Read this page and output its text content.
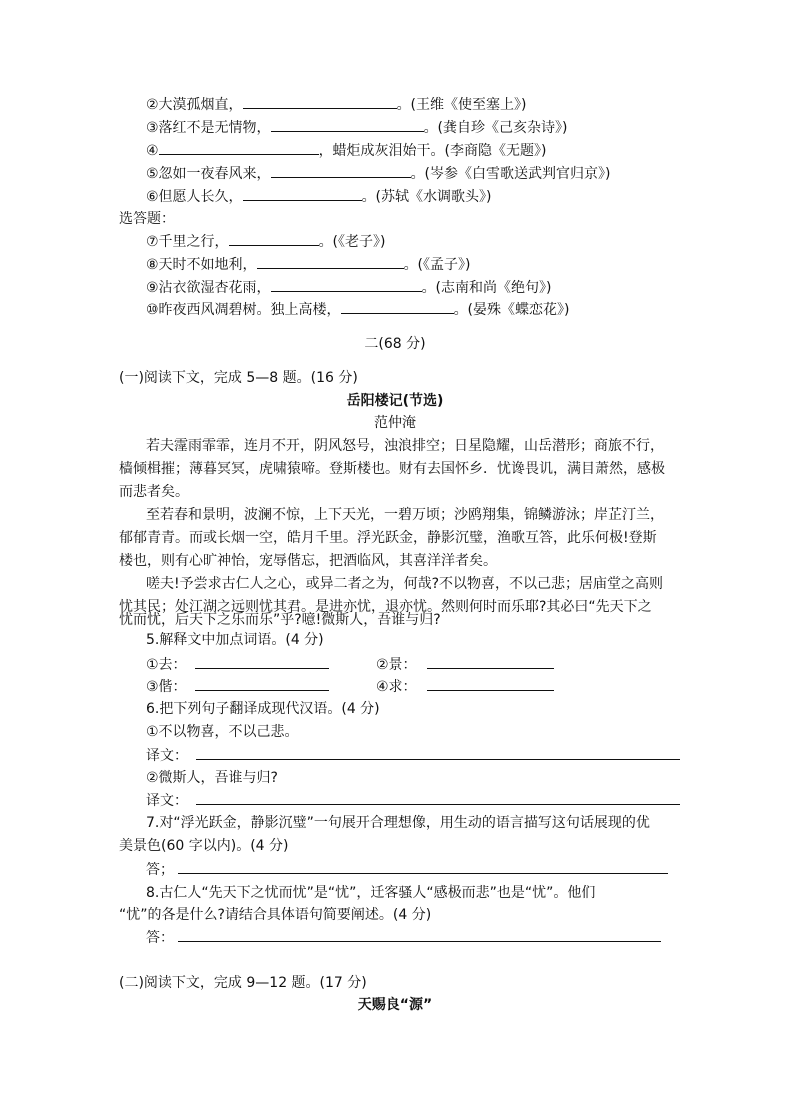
②大漠孤烟直，	。(王维《使至塞上》)
③落红不是无情物，	。(龚自珍《己亥杂诗》)
④	，蜡炬成灰泪始干。(李商隐《无题》)
⑤忽如一夜春风来，	。(岑参《白雪歌送武判官归京》)
⑥但愿人长久，	。(苏轼《水调歌头》)
选答题：
⑦千里之行，	。(《老子》)
⑧天时不如地利，	。(《孟子》)
⑨沾衣欲湿杏花雨，	。(志南和尚《绝句》)
⑩昨夜西风凋碧树。独上高楼，	。(晏殊《蝶恋花》)
二(68 分)
(一)阅读下文，完成 5—8 题。(16 分)
岳阳楼记(节选)
范仲淹
若夫霪雨霏霏，连月不开，阴风怒号，浊浪排空；日星隐耀，山岳潜形；商旅不行，
樯倾楫摧；薄暮冥冥，虎啸猿啼。登斯楼也。财有去国怀乡．忧谗畏讥，满目萧然，感极
而悲者矣。
至若春和景明，波澜不惊，上下天光，一碧万顷；沙鸥翔集，锦鳞游泳；岸芷汀兰，
郁郁青青。而或长烟一空，皓月千里。浮光跃金，静影沉璧，渔歌互答，此乐何极!登斯
楼也，则有心旷神怡，宠辱偕忘，把酒临风，其喜洋洋者矣。
嗟夫!予尝求古仁人之心，或异二者之为，何哉?不以物喜，不以己悲；居庙堂之高则
忧其民；处江湖之远则忧其君。是进亦忧，退亦忧。然则何时而乐耶?其必曰“先天下之
忧而忧，后天下之乐而乐”乎?噫!微斯人，吾谁与归?
5.解释文中加点词语。(4 分)
①去：	②景：
③偕：	④求：
6.把下列句子翻译成现代汉语。(4 分)
①不以物喜，不以己悲。
译文：
②微斯人，吾谁与归?
译文：
7.对“浮光跃金，静影沉璧”一句展开合理想像，用生动的语言描写这句话展现的优
美景色(60 字以内)。(4 分)
答；
8.古仁人“先天下之忧而忧”是“忧”，迁客骚人“感极而悲”也是“忧”。他们
“忧”的各是什么?请结合具体语句简要阐述。(4 分)
答：
(二)阅读下文，完成 9—12 题。(17 分)
天赐良“源”
